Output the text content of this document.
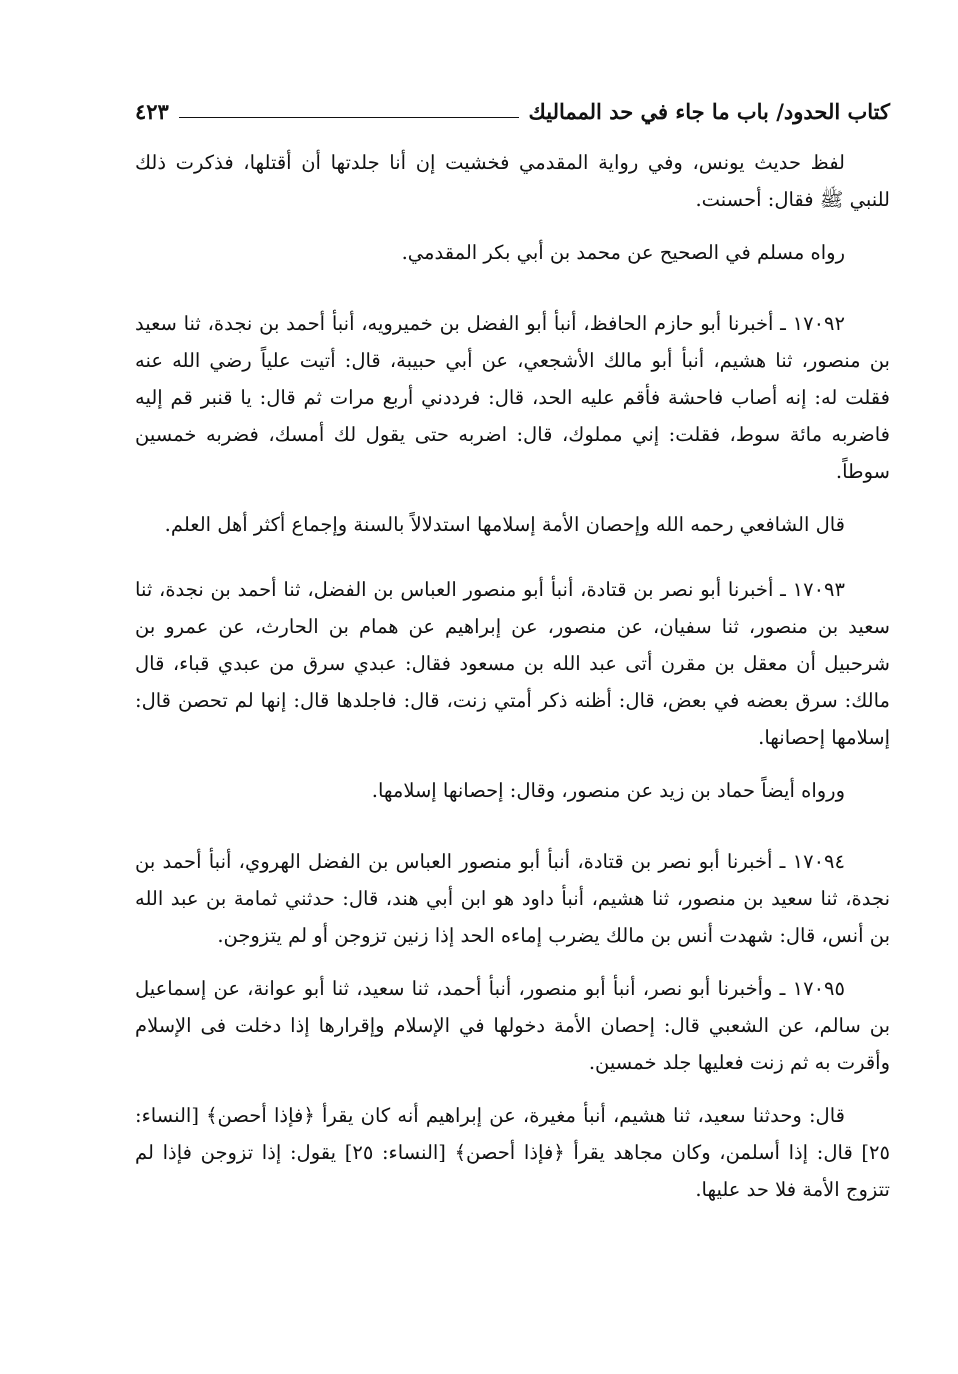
كتاب الحدود/ باب ما جاء في حد المماليك
٤٢٣

لفظ حديث يونس، وفي رواية المقدمي فخشيت إن أنا جلدتها أن أقتلها، فذكرت ذلك للنبي ﷺ فقال: أحسنت.

رواه مسلم في الصحيح عن محمد بن أبي بكر المقدمي.

١٧٠٩٢ ـ أخبرنا أبو حازم الحافظ، أنبأ أبو الفضل بن خميرويه، أنبأ أحمد بن نجدة، ثنا سعيد بن منصور، ثنا هشيم، أنبأ أبو مالك الأشجعي، عن أبي حبيبة، قال: أتيت علياً رضي الله عنه فقلت له: إنه أصاب فاحشة فأقم عليه الحد، قال: فرددني أربع مرات ثم قال: يا قنبر قم إليه فاضربه مائة سوط، فقلت: إني مملوك، قال: اضربه حتى يقول لك أمسك، فضربه خمسين سوطاً.

قال الشافعي رحمه الله وإحصان الأمة إسلامها استدلالاً بالسنة وإجماع أكثر أهل العلم.

١٧٠٩٣ ـ أخبرنا أبو نصر بن قتادة، أنبأ أبو منصور العباس بن الفضل، ثنا أحمد بن نجدة، ثنا سعيد بن منصور، ثنا سفيان، عن منصور، عن إبراهيم عن همام بن الحارث، عن عمرو بن شرحبيل أن معقل بن مقرن أتى عبد الله بن مسعود فقال: عبدي سرق من عبدي قباء، قال مالك: سرق بعضه في بعض، قال: أظنه ذكر أمتي زنت، قال: فاجلدها قال: إنها لم تحصن قال: إسلامها إحصانها.

ورواه أيضاً حماد بن زيد عن منصور، وقال: إحصانها إسلامها.

١٧٠٩٤ ـ أخبرنا أبو نصر بن قتادة، أنبأ أبو منصور العباس بن الفضل الهروي، أنبأ أحمد بن نجدة، ثنا سعيد بن منصور، ثنا هشيم، أنبأ داود هو ابن أبي هند، قال: حدثني ثمامة بن عبد الله بن أنس، قال: شهدت أنس بن مالك يضرب إماءه الحد إذا زنين تزوجن أو لم يتزوجن.

١٧٠٩٥ ـ وأخبرنا أبو نصر، أنبأ أبو منصور، أنبأ أحمد، ثنا سعيد، ثنا أبو عوانة، عن إسماعيل بن سالم، عن الشعبي قال: إحصان الأمة دخولها في الإسلام وإقرارها إذا دخلت فى الإسلام وأقرت به ثم زنت فعليها جلد خمسين.

قال: وحدثنا سعيد، ثنا هشيم، أنبأ مغيرة، عن إبراهيم أنه كان يقرأ ﴿فإذا أحصن﴾ [النساء: ٢٥] قال: إذا أسلمن، وكان مجاهد يقرأ ﴿فإذا أحصن﴾ [النساء: ٢٥] يقول: إذا تزوجن فإذا لم تتزوج الأمة فلا حد عليها.
